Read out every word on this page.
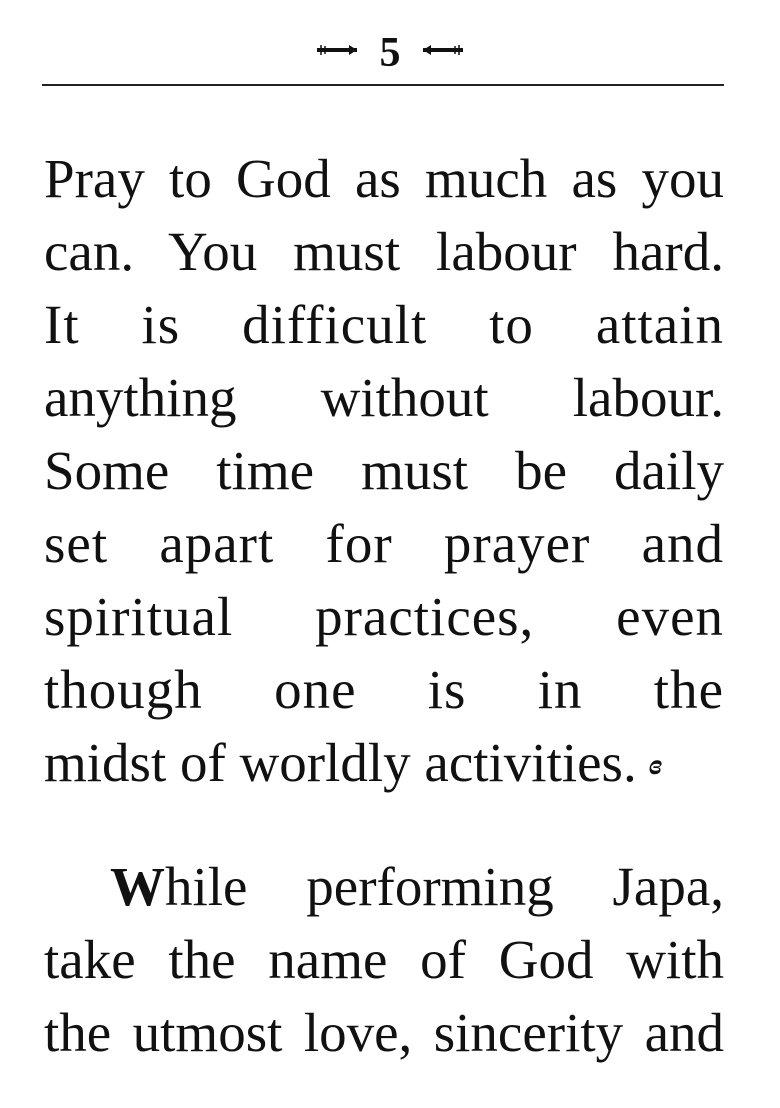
5
Pray to God as much as you
can. You must labour hard.
It is difficult to attain
anything without labour.
Some time must be daily
set apart for prayer and
spiritual practices, even
though one is in the
midst of worldly activities. ɞ
While performing Japa,
take the name of God with
the utmost love, sincerity and
